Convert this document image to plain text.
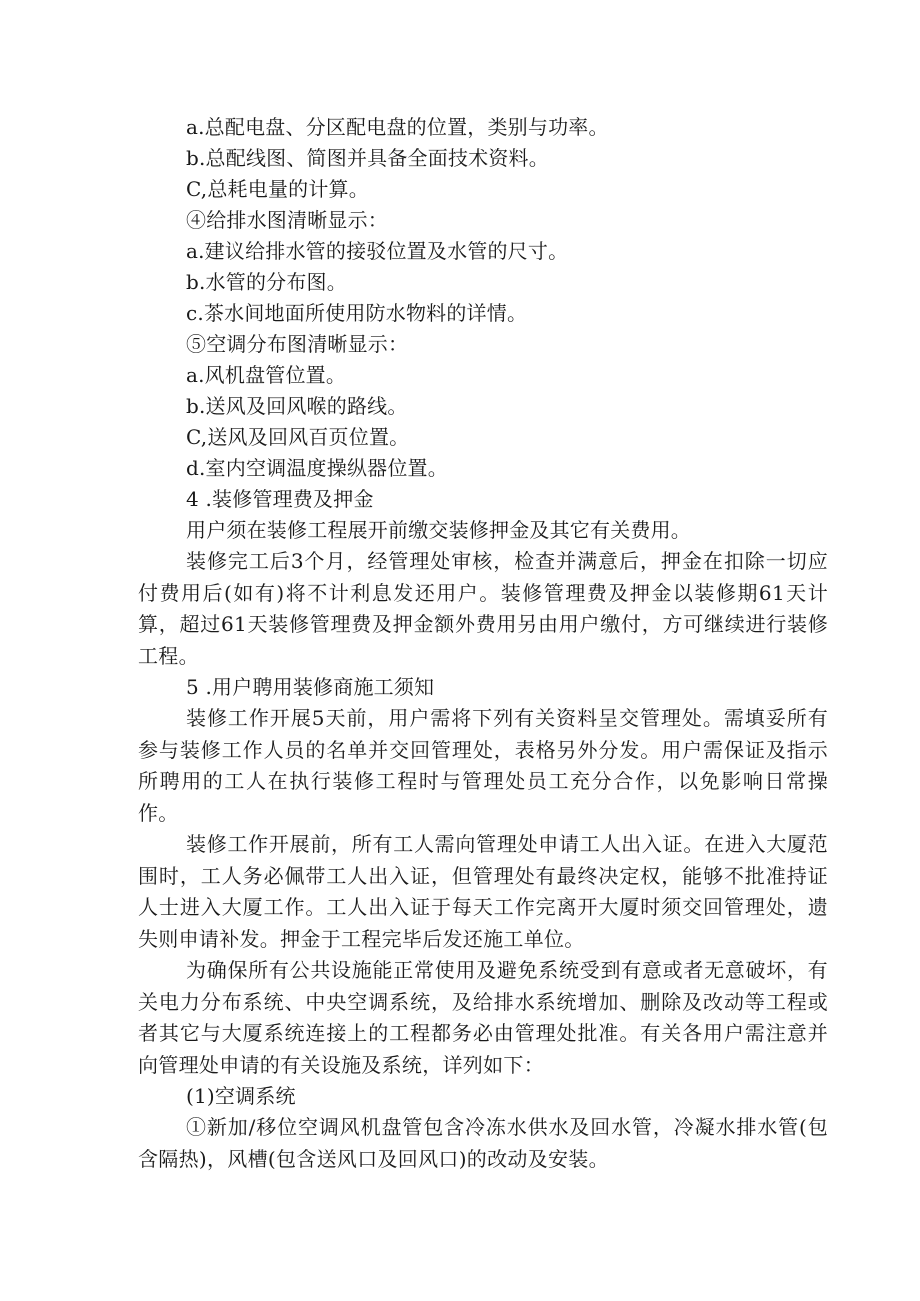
a.总配电盘、分区配电盘的位置，类别与功率。
b.总配线图、简图并具备全面技术资料。
C,总耗电量的计算。
④给排水图清晰显示：
a.建议给排水管的接驳位置及水管的尺寸。
b.水管的分布图。
c.茶水间地面所使用防水物料的详情。
⑤空调分布图清晰显示：
a.风机盘管位置。
b.送风及回风喉的路线。
C,送风及回风百页位置。
d.室内空调温度操纵器位置。
4 .装修管理费及押金
用户须在装修工程展开前缴交装修押金及其它有关费用。
装修完工后3个月，经管理处审核，检查并满意后，押金在扣除一切应付费用后(如有)将不计利息发还用户。装修管理费及押金以装修期61天计算，超过61天装修管理费及押金额外费用另由用户缴付，方可继续进行装修工程。
5 .用户聘用装修商施工须知
装修工作开展5天前，用户需将下列有关资料呈交管理处。需填妥所有参与装修工作人员的名单并交回管理处，表格另外分发。用户需保证及指示所聘用的工人在执行装修工程时与管理处员工充分合作，以免影响日常操作。
装修工作开展前，所有工人需向管理处申请工人出入证。在进入大厦范围时，工人务必佩带工人出入证，但管理处有最终决定权，能够不批准持证人士进入大厦工作。工人出入证于每天工作完离开大厦时须交回管理处，遗失则申请补发。押金于工程完毕后发还施工单位。
为确保所有公共设施能正常使用及避免系统受到有意或者无意破坏，有关电力分布系统、中央空调系统，及给排水系统增加、删除及改动等工程或者其它与大厦系统连接上的工程都务必由管理处批准。有关各用户需注意并向管理处申请的有关设施及系统，详列如下：
(1)空调系统
①新加/移位空调风机盘管包含冷冻水供水及回水管，冷凝水排水管(包含隔热)，风槽(包含送风口及回风口)的改动及安装。
